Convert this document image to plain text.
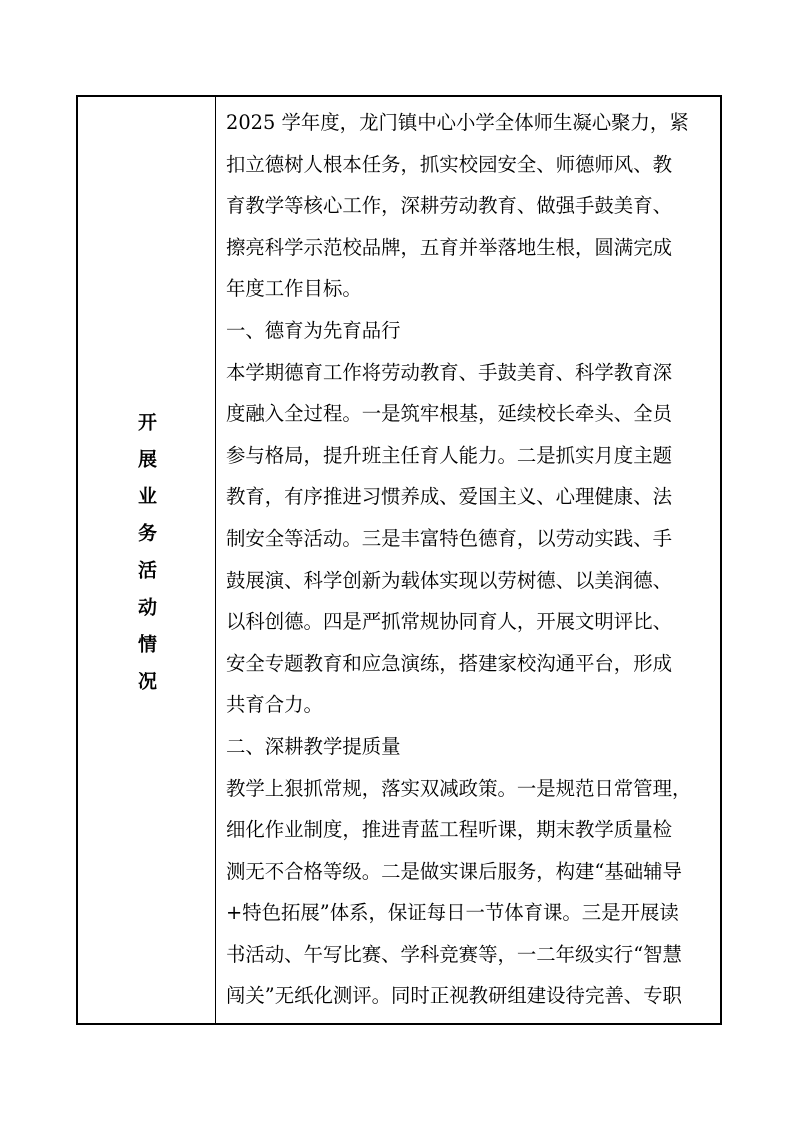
开展业务活动情况
2025 学年度，龙门镇中心小学全体师生凝心聚力，紧
扣立德树人根本任务，抓实校园安全、师德师风、教
育教学等核心工作，深耕劳动教育、做强手鼓美育、
擦亮科学示范校品牌，五育并举落地生根，圆满完成
年度工作目标。
一、德育为先育品行
本学期德育工作将劳动教育、手鼓美育、科学教育深
度融入全过程。一是筑牢根基，延续校长牵头、全员
参与格局，提升班主任育人能力。二是抓实月度主题
教育，有序推进习惯养成、爱国主义、心理健康、法
制安全等活动。三是丰富特色德育，以劳动实践、手
鼓展演、科学创新为载体实现以劳树德、以美润德、
以科创德。四是严抓常规协同育人，开展文明评比、
安全专题教育和应急演练，搭建家校沟通平台，形成
共育合力。
二、深耕教学提质量
教学上狠抓常规，落实双减政策。一是规范日常管理，
细化作业制度，推进青蓝工程听课，期末教学质量检
测无不合格等级。二是做实课后服务，构建“基础辅导
+特色拓展”体系，保证每日一节体育课。三是开展读
书活动、午写比赛、学科竞赛等，一二年级实行“智慧
闯关”无纸化测评。同时正视教研组建设待完善、专职
